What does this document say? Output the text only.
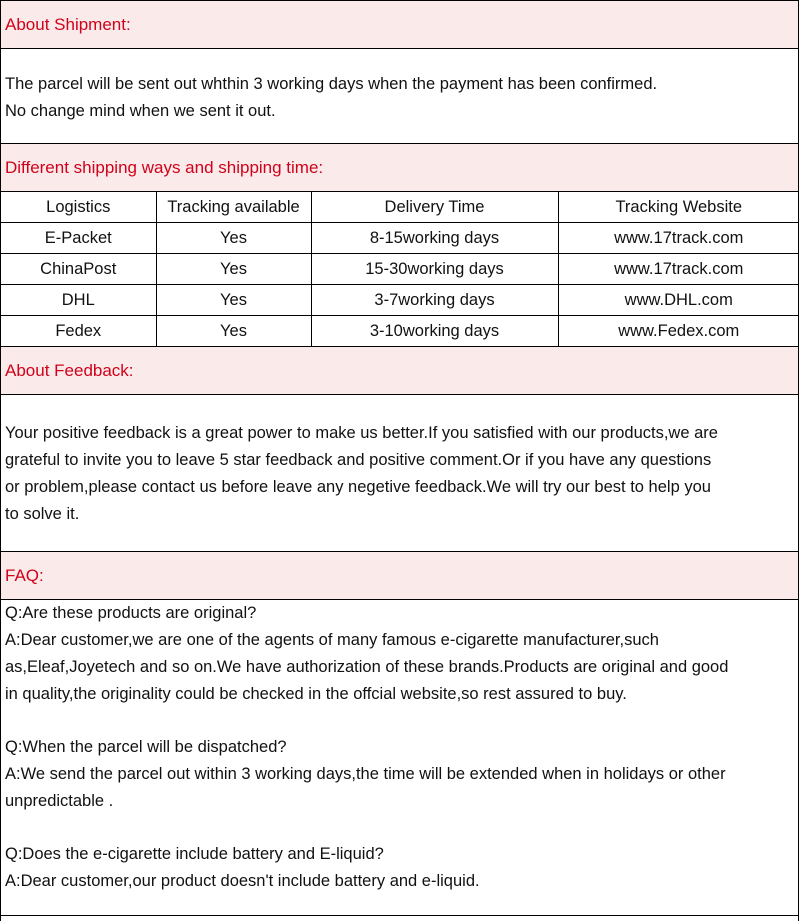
About Shipment:
The parcel will be sent out whthin 3 working days when the payment has been confirmed.
No change mind when we sent it out.
Different shipping ways and shipping time:
Logistics	Tracking available	Delivery Time	Tracking Website
E-Packet	Yes	8-15working days	www.17track.com
ChinaPost	Yes	15-30working days	www.17track.com
DHL	Yes	3-7working days	www.DHL.com
Fedex	Yes	3-10working days	www.Fedex.com
About Feedback:
Your positive feedback is a great power to make us better.If you satisfied with our products,we are
grateful to invite you to leave 5 star feedback and positive comment.Or if you have any questions
or problem,please contact us before leave any negetive feedback.We will try our best to help you
to solve it.
FAQ:
Q:Are these products are original?
A:Dear customer,we are one of the agents of many famous e-cigarette manufacturer,such
as,Eleaf,Joyetech and so on.We have authorization of these brands.Products are original and good
in quality,the originality could be checked in the offcial website,so rest assured to buy.
Q:When the parcel will be dispatched?
A:We send the parcel out within 3 working days,the time will be extended when in holidays or other
unpredictable .
Q:Does the e-cigarette include battery and E-liquid?
A:Dear customer,our product doesn't include battery and e-liquid.
